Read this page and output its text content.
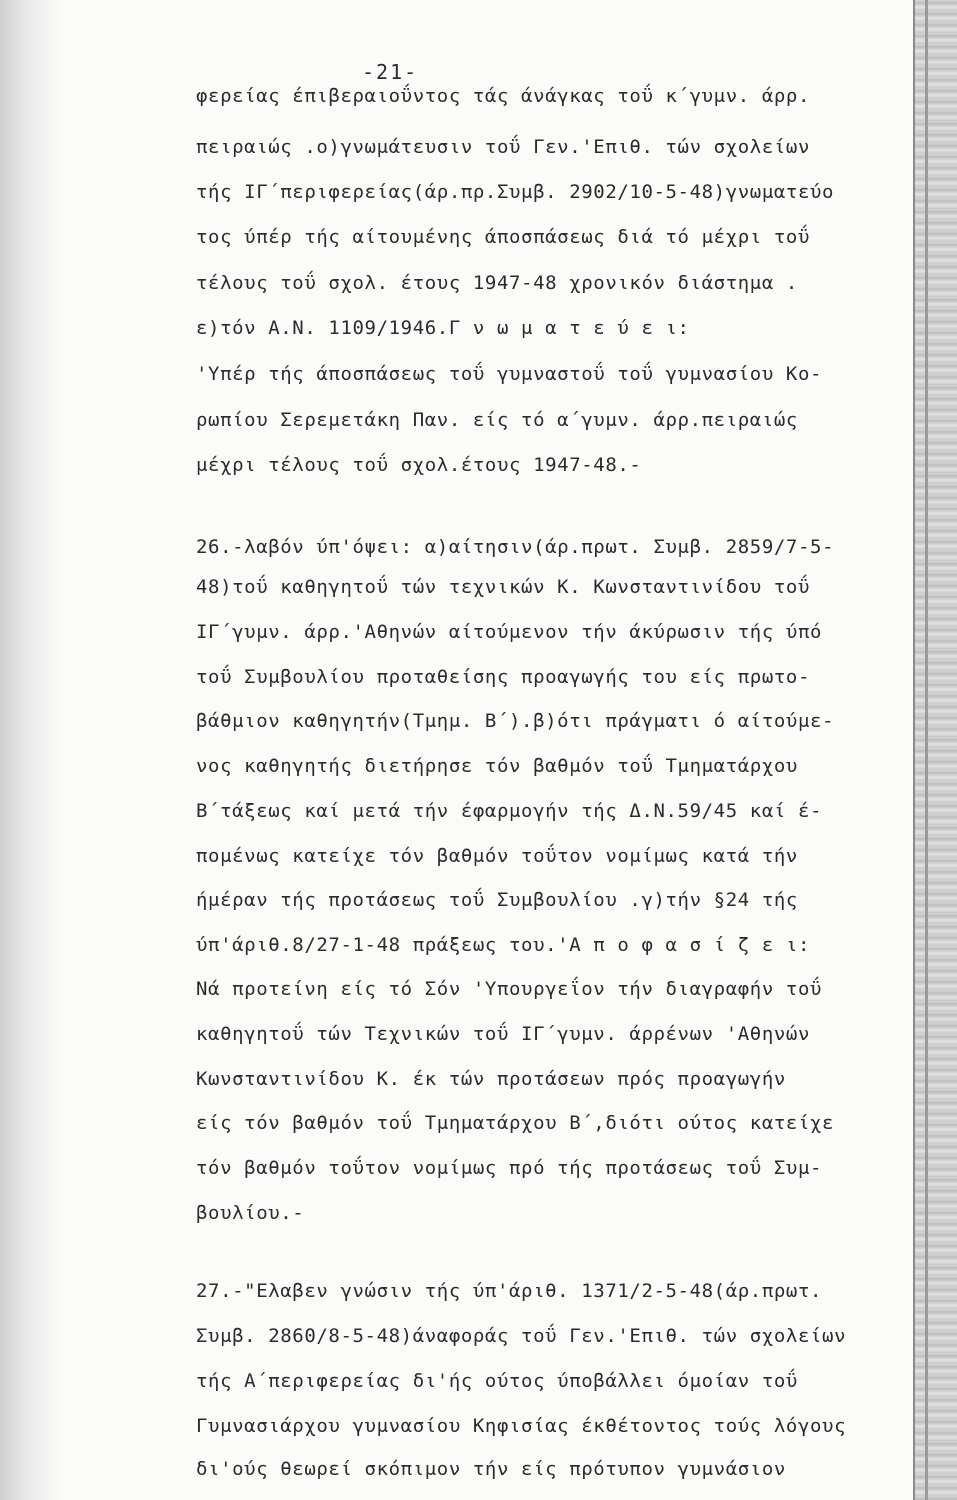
-21-
φερείας έπιβεραιοΰντος τάς άνάγκας τοΰ κ΄γυμν. άρρ.
πειραιώς .ο)γνωμάτευσιν τοΰ Γεν.'Επιθ. τών σχολείων
τής ΙΓ΄περιφερείας(άρ.πρ.Συμβ. 2902/10-5-48)γνωματεύο
τος ύπέρ τής αίτουμένης άποσπάσεως διά τό μέχρι τοΰ
τέλους τοΰ σχολ. έτους 1947-48 χρονικόν διάστημα .
ε)τόν Α.Ν. 1109/1946.Γ ν ω μ α τ ε ύ ε ι:
'Υπέρ τής άποσπάσεως τοΰ γυμναστοΰ τοΰ γυμνασίου Κο-
ρωπίου Σερεμετάκη Παν. είς τό α΄γυμν. άρρ.πειραιώς
μέχρι τέλους τοΰ σχολ.έτους 1947-48.-
26.-λαβόν ύπ'όψει: α)αίτησιν(άρ.πρωτ. Συμβ. 2859/7-5-
48)τοΰ καθηγητοΰ τών τεχνικών Κ. Κωνσταντινίδου τοΰ
ΙΓ΄γυμν. άρρ.'Αθηνών αίτούμενον τήν άκύρωσιν τής ύπό
τοΰ Συμβουλίου προταθείσης προαγωγής του είς πρωτο-
βάθμιον καθηγητήν(Τμημ. Β΄).β)ότι πράγματι ό αίτούμε-
νος καθηγητής διετήρησε τόν βαθμόν τοΰ Τμηματάρχου
Β΄τάξεως καί μετά τήν έφαρμογήν τής Δ.Ν.59/45 καί έ-
πομένως κατείχε τόν βαθμόν τοΰτον νομίμως κατά τήν
ήμέραν τής προτάσεως τοΰ Συμβουλίου .γ)τήν §24 τής
ύπ'άριθ.8/27-1-48 πράξεως του.'Α π ο φ α σ ί ζ ε ι:
Νά προτείνη είς τό Σόν 'Υπουργεΐον τήν διαγραφήν τοΰ
καθηγητοΰ τών Τεχνικών τοΰ ΙΓ΄γυμν. άρρένων 'Αθηνών
Κωνσταντινίδου Κ. έκ τών προτάσεων πρός προαγωγήν
είς τόν βαθμόν τοΰ Τμηματάρχου Β΄,διότι ούτος κατείχε
τόν βαθμόν τοΰτον νομίμως πρό τής προτάσεως τοΰ Συμ-
βουλίου.-
27.-"Ελαβεν γνώσιν τής ύπ'άριθ. 1371/2-5-48(άρ.πρωτ.
Συμβ. 2860/8-5-48)άναφοράς τοΰ Γεν.'Επιθ. τών σχολείων
τής Α΄περιφερείας δι'ής ούτος ύποβάλλει όμοίαν τοΰ
Γυμνασιάρχου γυμνασίου Κηφισίας έκθέτοντος τούς λόγους
δι'ούς θεωρεί σκόπιμον τήν είς πρότυπον γυμνάσιον
